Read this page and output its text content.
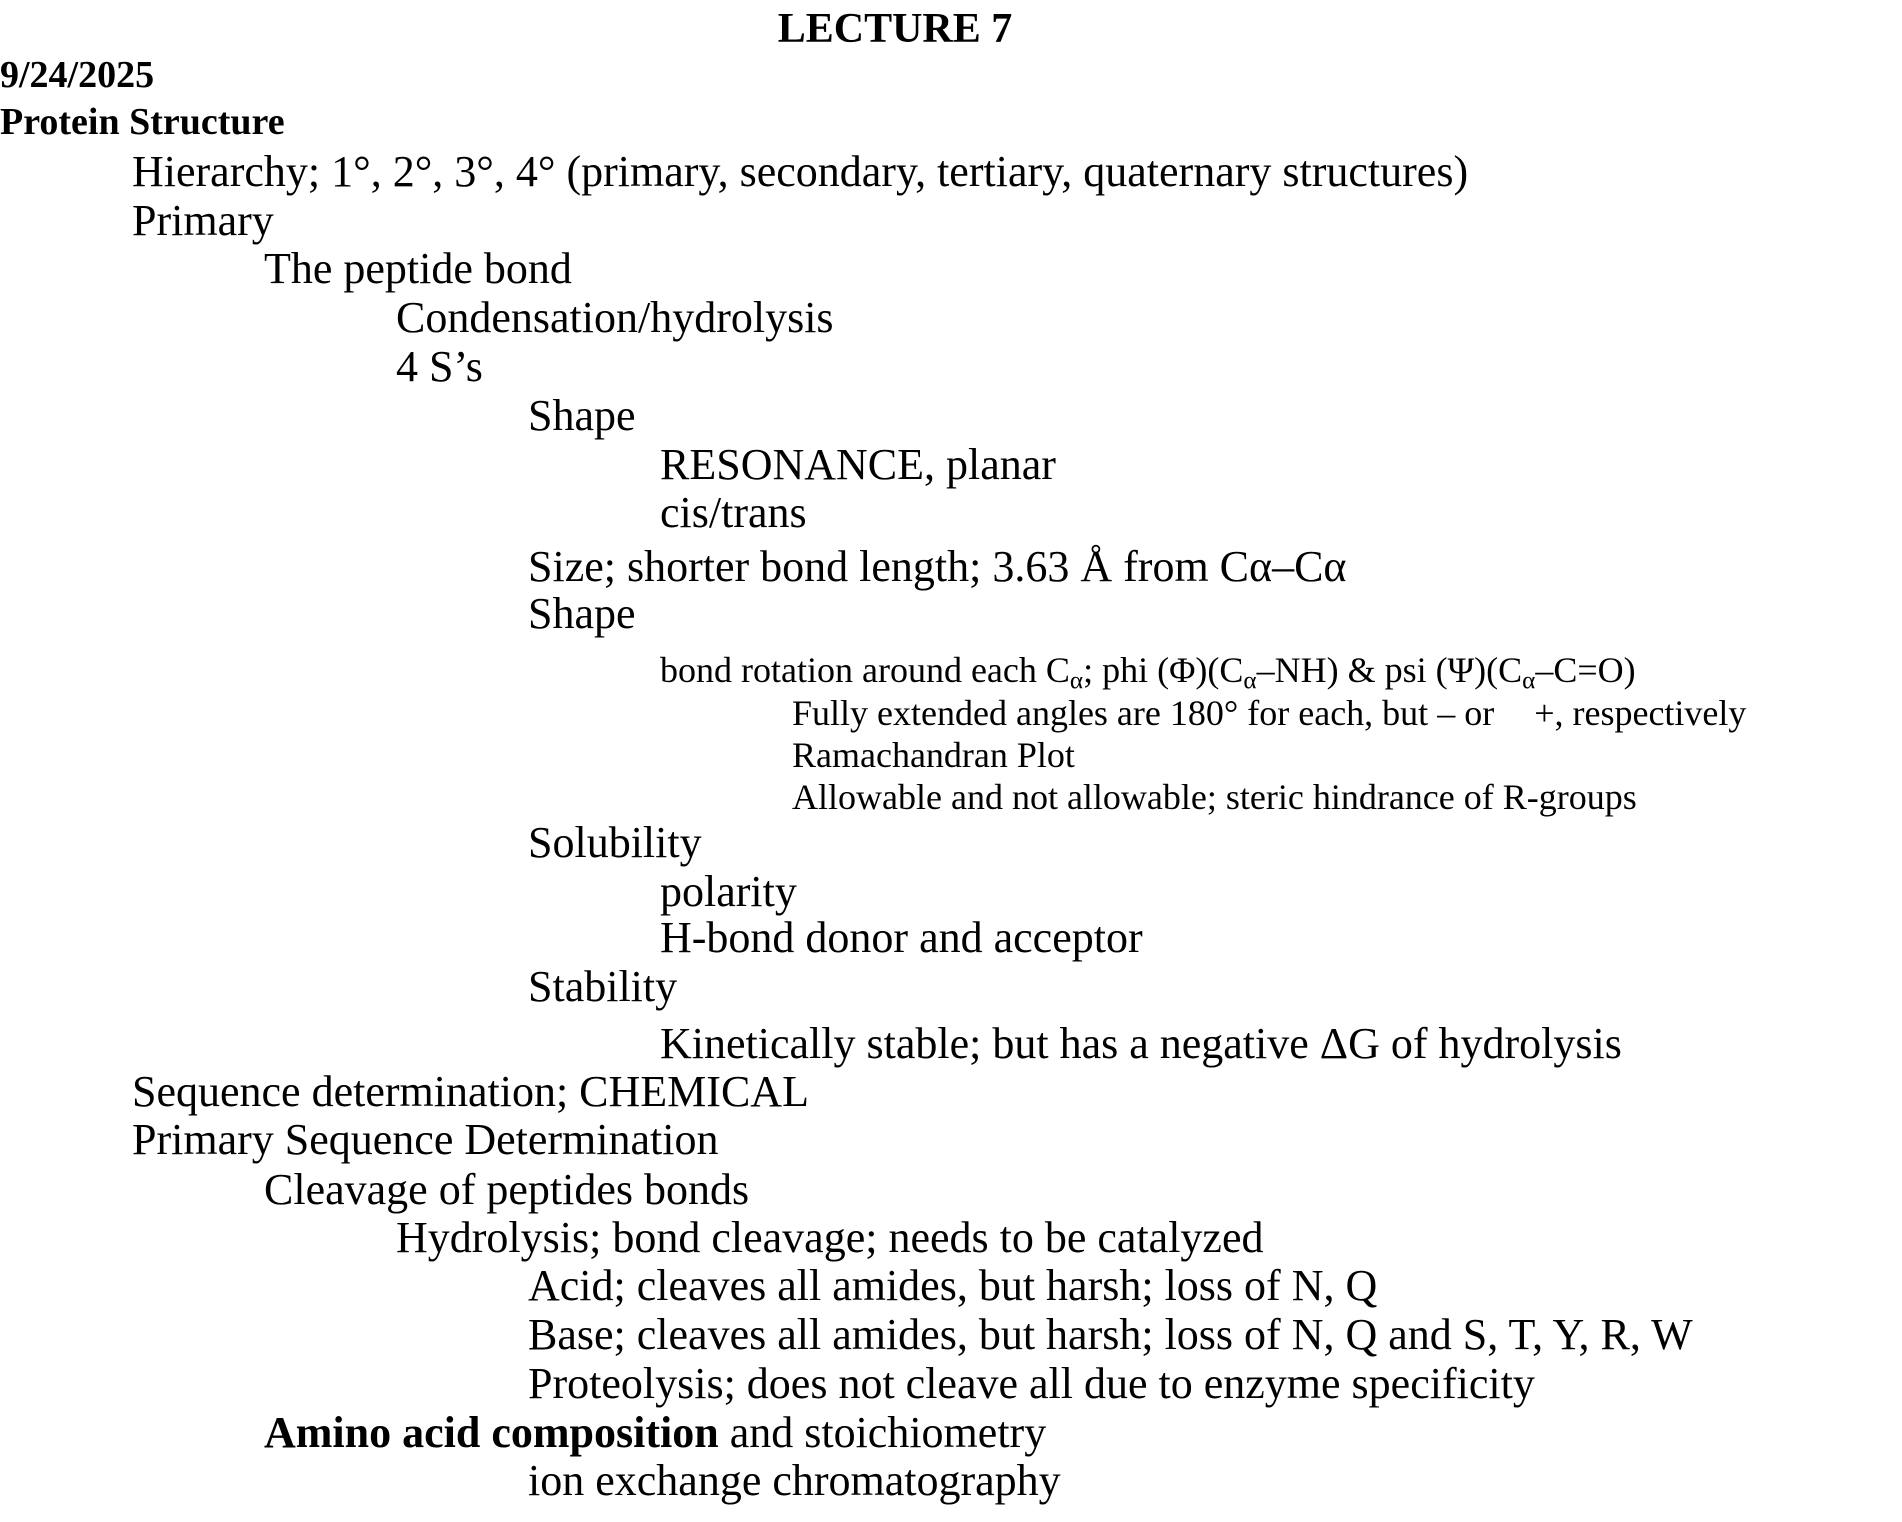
LECTURE 7
9/24/2025
Protein Structure
Hierarchy; 1°, 2°, 3°, 4° (primary, secondary, tertiary, quaternary structures)
Primary
The peptide bond
Condensation/hydrolysis
4 S’s
Shape
RESONANCE, planar
cis/trans
Size; shorter bond length; 3.63 Å from Cα–Cα
Shape
bond rotation around each $C_\alpha$; phi $(\Phi)(C_\alpha-NH)$ & psi $(\Psi)(C_\alpha-C=O)$
Fully extended angles are 180° for each, but – or +, respectively
Ramachandran Plot
Allowable and not allowable; steric hindrance of R-groups
Solubility
polarity
H-bond donor and acceptor
Stability
Kinetically stable; but has a negative ΔG of hydrolysis
Sequence determination; CHEMICAL
Primary Sequence Determination
Cleavage of peptides bonds
Hydrolysis; bond cleavage; needs to be catalyzed
Acid; cleaves all amides, but harsh; loss of N, Q
Base; cleaves all amides, but harsh; loss of N, Q and S, T, Y, R, W
Proteolysis; does not cleave all due to enzyme specificity
Amino acid composition and stoichiometry
ion exchange chromatography
